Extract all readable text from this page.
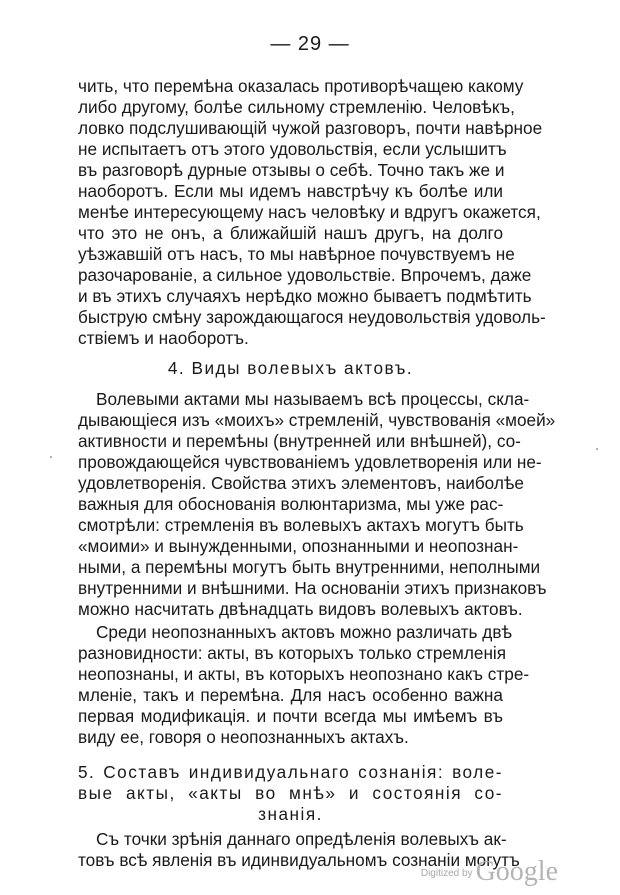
— 29 —
чить, что перемѣна оказалась противорѣчащею какому
либо другому, болѣе сильному стремленію. Человѣкъ,
ловко подслушивающій чужой разговоръ, почти навѣрное
не испытаетъ отъ этого удовольствія, если услышитъ
въ разговорѣ дурные отзывы о себѣ. Точно такъ же и
наоборотъ. Если мы идемъ навстрѣчу къ болѣе или
менѣе интересующему насъ человѣку и вдругъ окажется,
что это не онъ, а ближайшій нашъ другъ, на долго
уѣзжавшій отъ насъ, то мы навѣрное почувствуемъ не
разочарованіе, а сильное удовольствіе. Впрочемъ, даже
и въ этихъ случаяхъ нерѣдко можно бываетъ подмѣтить
быструю смѣну зарождающагося неудовольствія удоволь-
ствіемъ и наоборотъ.
4. Виды волевыхъ актовъ.
Волевыми актами мы называемъ всѣ процессы, скла-
дывающіеся изъ «моихъ» стремленій, чувствованія «моей»
активности и перемѣны (внутренней или внѣшней), со-
провождающейся чувствованіемъ удовлетворенія или не-
удовлетворенія. Свойства этихъ элементовъ, наиболѣе
важныя для обоснованія волюнтаризма, мы уже рас-
смотрѣли: стремленія въ волевыхъ актахъ могутъ быть
«моими» и вынужденными, опознанными и неопознан-
ными, а перемѣны могутъ быть внутренними, неполными
внутренними и внѣшними. На основаніи этихъ признаковъ
можно насчитать двѣнадцать видовъ волевыхъ актовъ.
Среди неопознанныхъ актовъ можно различать двѣ
разновидности: акты, въ которыхъ только стремленія
неопознаны, и акты, въ которыхъ неопознано какъ стре-
мленіе, такъ и перемѣна. Для насъ особенно важна
первая модификація. и почти всегда мы имѣемъ въ
виду ее, говоря о неопознанныхъ актахъ.
5. Составъ индивидуальнаго сознанія: воле-
вые акты, «акты во мнѣ» и состоянія со-
знанія.
Съ точки зрѣнія даннаго опредѣленія волевыхъ ак-
товъ всѣ явленія въ идинвидуальномъ сознаніи могутъ
$^{Digitized by}$ Google
